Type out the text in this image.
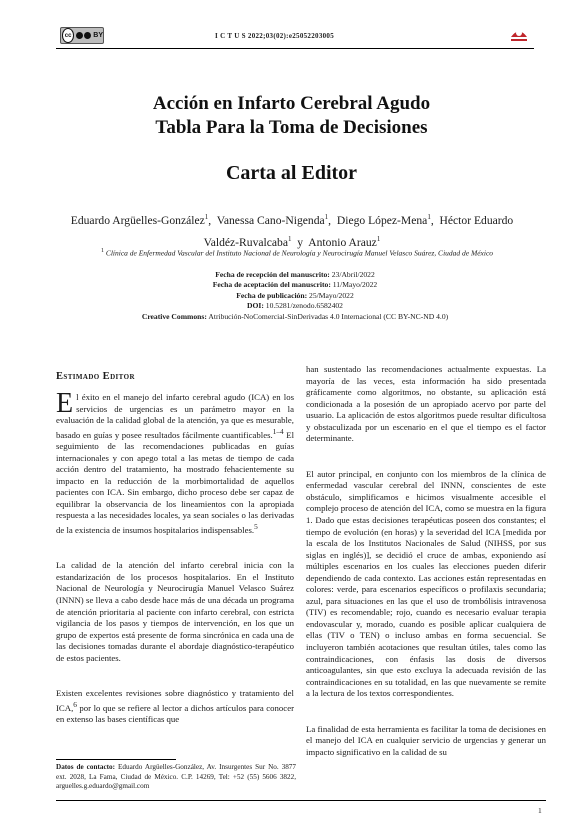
cc	BY	I C T U S 2022;03(02):e25052203005
Acción en Infarto Cerebral Agudo
Tabla Para la Toma de Decisiones
Carta al Editor
Eduardo Argüelles-González$^1$,  Vanessa Cano-Nigenda$^1$,  Diego López-Mena$^1$,  Héctor Eduardo
Valdéz-Ruvalcaba$^1$ y Antonio Arauz$^1$
$^1$ Clínica de Enfermedad Vascular del Instituto Nacional de Neurología y Neurocirugía Manuel Velasco Suárez, Ciudad de México
Fecha de recepción del manuscrito: 23/Abril/2022
Fecha de aceptación del manuscrito: 11/Mayo/2022
Fecha de publicación: 25/Mayo/2022
DOI: 10.5281/zenodo.6582402
Creative Commons: Atribución-NoComercial-SinDerivadas 4.0 Internacional (CC BY-NC-ND 4.0)
Estimado Editor

El éxito en el manejo del infarto cerebral agudo (ICA) en los servicios de urgencias es un parámetro mayor en la evaluación de la calidad global de la atención, ya que es mesurable, basado en guías y posee resultados fácilmente cuantificables.$^{1-4}$ El seguimiento de las recomendaciones publicadas en guías internacionales y con apego total a las metas de tiempo de cada acción dentro del tratamiento, ha mostrado fehacientemente su impacto en la reducción de la morbimortalidad de aquellos pacientes con ICA. Sin embargo, dicho proceso debe ser capaz de equilibrar la observancia de los lineamientos con la apropiada respuesta a las necesidades locales, ya sean sociales o las derivadas de la existencia de insumos hospitalarios indispensables.$^5$

La calidad de la atención del infarto cerebral inicia con la estandarización de los procesos hospitalarios. En el Instituto Nacional de Neurología y Neurocirugía Manuel Velasco Suárez (INNN) se lleva a cabo desde hace más de una década un programa de atención prioritaria al paciente con infarto cerebral, con estricta vigilancia de los pasos y tiempos de intervención, en los que un grupo de expertos está presente de forma sincrónica en cada una de las decisiones tomadas durante el abordaje diagnóstico-terapéutico de estos pacientes.

Existen excelentes revisiones sobre diagnóstico y tratamiento del ICA,$^6$ por lo que se refiere al lector a dichos artículos para conocer en extenso las bases científicas que

han sustentado las recomendaciones actualmente expuestas. La mayoría de las veces, esta información ha sido presentada gráficamente como algoritmos, no obstante, su aplicación está condicionada a la posesión de un apropiado acervo por parte del usuario. La aplicación de estos algoritmos puede resultar dificultosa y obstaculizada por un escenario en el que el tiempo es el factor determinante.

El autor principal, en conjunto con los miembros de la clínica de enfermedad vascular cerebral del INNN, conscientes de este obstáculo, simplificamos e hicimos visualmente accesible el complejo proceso de atención del ICA, como se muestra en la figura 1. Dado que estas decisiones terapéuticas poseen dos constantes; el tiempo de evolución (en horas) y la severidad del ICA [medida por la escala de los Institutos Nacionales de Salud (NIHSS, por sus siglas en inglés)], se decidió el cruce de ambas, exponiendo así múltiples escenarios en los cuales las elecciones pueden diferir dependiendo de cada contexto. Las acciones están representadas en colores: verde, para escenarios específicos o profilaxis secundaria; azul, para situaciones en las que el uso de trombólisis intravenosa (TIV) es recomendable; rojo, cuando es necesario evaluar terapia endovascular y, morado, cuando es posible aplicar cualquiera de ellas (TIV o TEN) o incluso ambas en forma secuencial. Se incluyeron también acotaciones que resultan útiles, tales como las contraindicaciones, con énfasis las dosis de diversos anticoagulantes, sin que esto excluya la adecuada revisión de las contraindicaciones en su totalidad, en las que nuevamente se remite a la lectura de los textos correspondientes.

La finalidad de esta herramienta es facilitar la toma de decisiones en el manejo del ICA en cualquier servicio de urgencias y generar un impacto significativo en la calidad de su

Datos de contacto: Eduardo Argüelles-González, Av. Insurgentes Sur No. 3877 ext. 2028, La Fama, Ciudad de México. C.P. 14269, Tel: +52 (55) 5606 3822, arguelles.g.eduardo@gmail.com
1
